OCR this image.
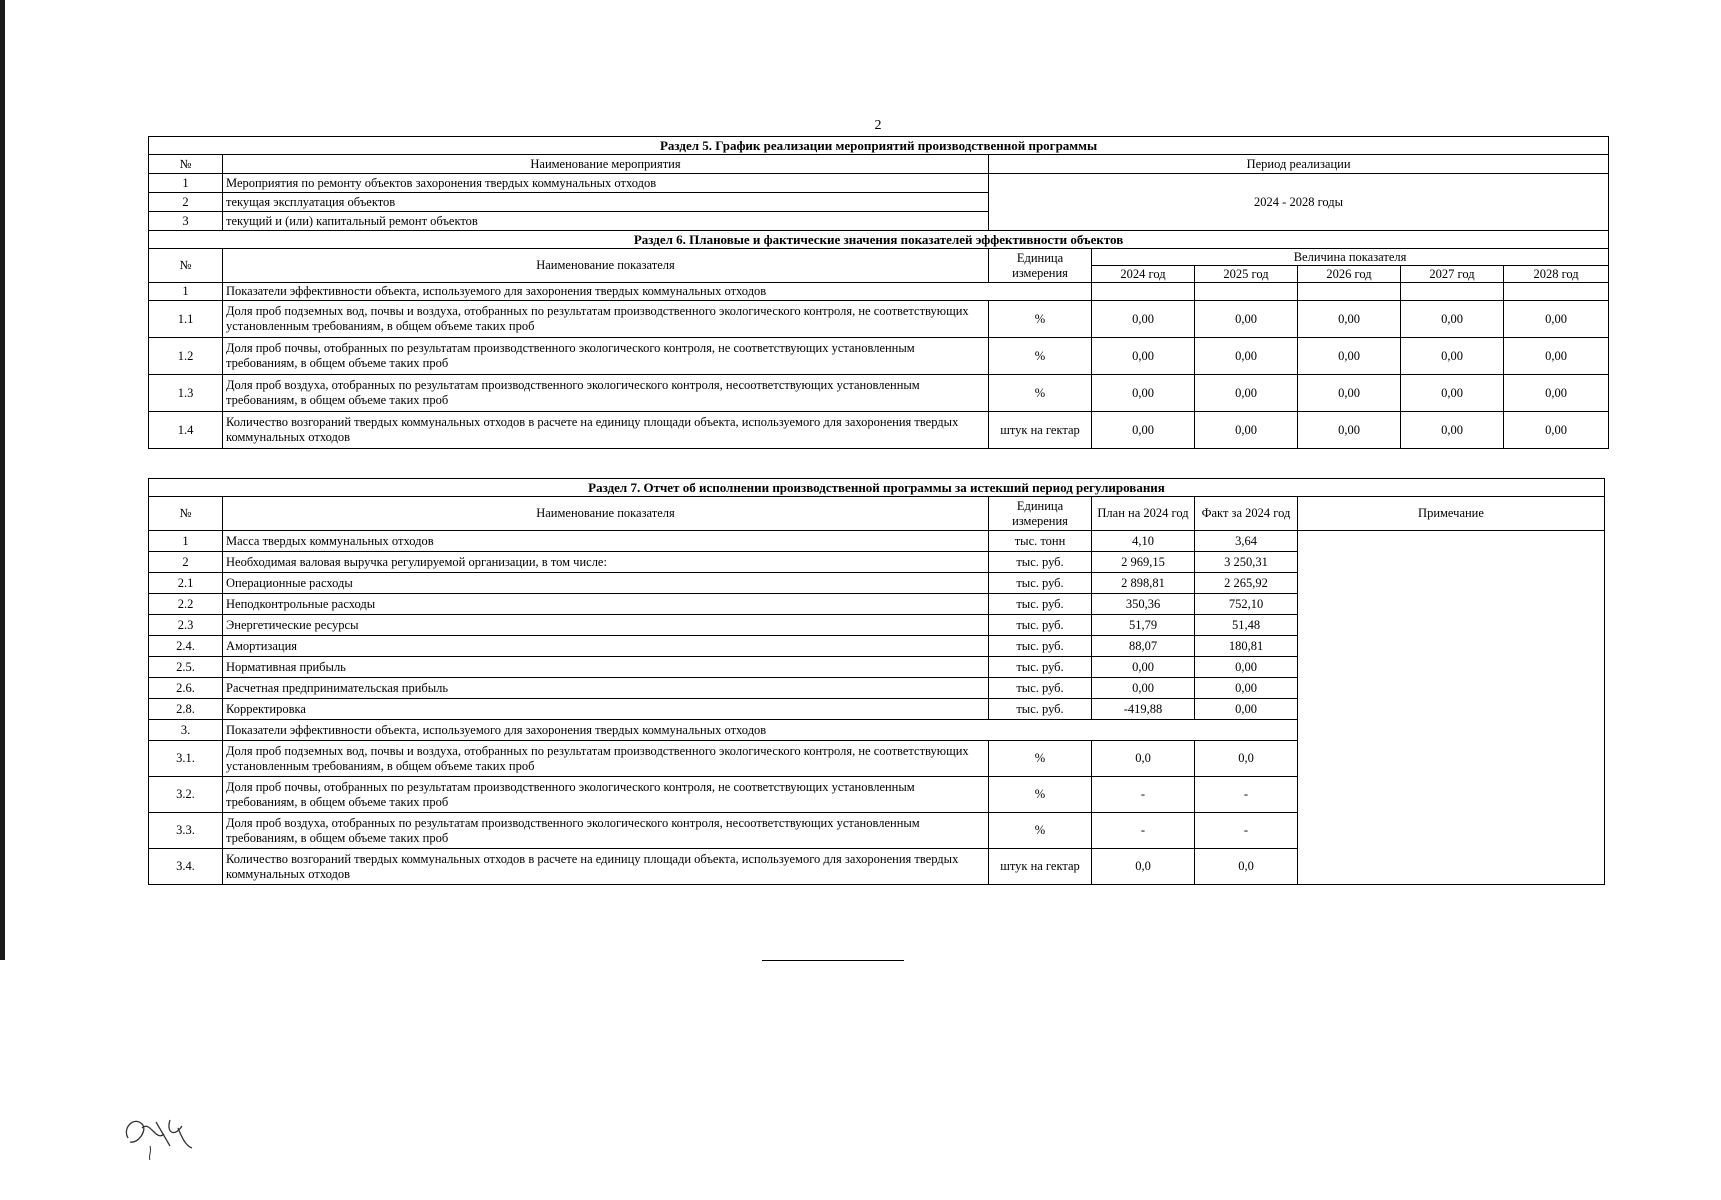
2
Раздел 5. График реализации мероприятий производственной программы							
№	Наименование мероприятия	Период реализации					
1	Мероприятия по ремонту объектов захоронения твердых коммунальных отходов	2024 - 2028 годы					
2	текущая эксплуатация объектов						
3	текущий и (или) капитальный ремонт объектов						
Раздел 6. Плановые и фактические значения показателей эффективности объектов							
№	Наименование показателя	Единица измерения	Величина показателя				
			2024 год	2025 год	2026 год	2027 год	2028 год
1	Показатели эффективности объекта, используемого для захоронения твердых коммунальных отходов						
1.1	Доля проб подземных вод, почвы и воздуха, отобранных по результатам производственного экологического контроля, не соответствующих установленным требованиям, в общем объеме таких проб	%	0,00	0,00	0,00	0,00	0,00
1.2	Доля проб почвы, отобранных по результатам производственного экологического контроля, не соответствующих установленным требованиям, в общем объеме таких проб	%	0,00	0,00	0,00	0,00	0,00
1.3	Доля проб воздуха, отобранных по результатам производственного экологического контроля, несоответствующих установленным требованиям, в общем объеме таких проб	%	0,00	0,00	0,00	0,00	0,00
1.4	Количество возгораний твердых коммунальных отходов в расчете на единицу площади объекта, используемого для захоронения твердых коммунальных отходов	штук на гектар	0,00	0,00	0,00	0,00	0,00
Раздел 7. Отчет об исполнении производственной программы за истекший период регулирования					
№	Наименование показателя	Единица измерения	План на 2024 год	Факт за 2024 год	Примечание
1	Масса твердых коммунальных отходов	тыс. тонн	4,10	3,64	
2	Необходимая валовая выручка регулируемой организации, в том числе:	тыс. руб.	2 969,15	3 250,31	
2.1	Операционные расходы	тыс. руб.	2 898,81	2 265,92	
2.2	Неподконтрольные расходы	тыс. руб.	350,36	752,10	
2.3	Энергетические ресурсы	тыс. руб.	51,79	51,48	
2.4.	Амортизация	тыс. руб.	88,07	180,81	
2.5.	Нормативная прибыль	тыс. руб.	0,00	0,00	
2.6.	Расчетная предпринимательская прибыль	тыс. руб.	0,00	0,00	
2.8.	Корректировка	тыс. руб.	-419,88	0,00	
3.	Показатели эффективности объекта, используемого для захоронения твердых коммунальных отходов				
3.1.	Доля проб подземных вод, почвы и воздуха, отобранных по результатам производственного экологического контроля, не соответствующих установленным требованиям, в общем объеме таких проб	%	0,0	0,0	
3.2.	Доля проб почвы, отобранных по результатам производственного экологического контроля, не соответствующих установленным требованиям, в общем объеме таких проб	%	-	-	
3.3.	Доля проб воздуха, отобранных по результатам производственного экологического контроля, несоответствующих установленным требованиям, в общем объеме таких проб	%	-	-	
3.4.	Количество возгораний твердых коммунальных отходов в расчете на единицу площади объекта, используемого для захоронения твердых коммунальных отходов	штук на гектар	0,0	0,0	
